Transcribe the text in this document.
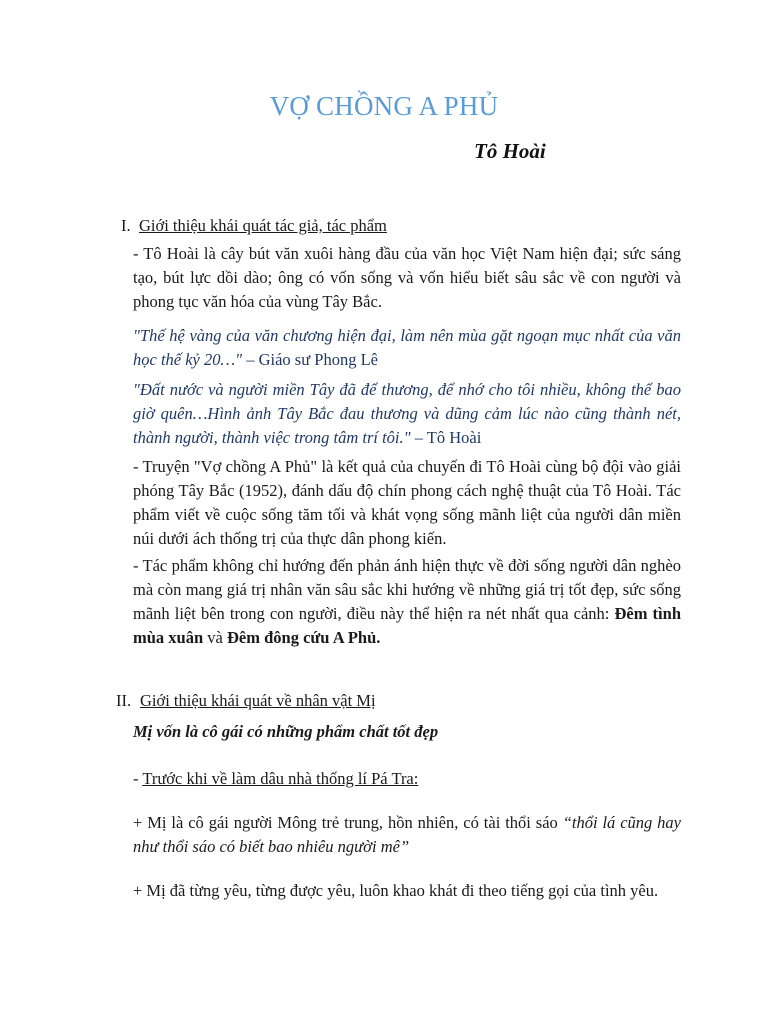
VỢ CHỒNG A PHỦ
Tô Hoài
I. Giới thiệu khái quát tác giả, tác phẩm
- Tô Hoài là cây bút văn xuôi hàng đầu của văn học Việt Nam hiện đại; sức sáng tạo, bút lực dồi dào; ông có vốn sống và vốn hiểu biết sâu sắc về con người và phong tục văn hóa của vùng Tây Bắc.
"Thế hệ vàng của văn chương hiện đại, làm nên mùa gặt ngoạn mục nhất của văn học thế kỷ 20…" – Giáo sư Phong Lê
"Đất nước và người miền Tây đã để thương, để nhớ cho tôi nhiều, không thể bao giờ quên…Hình ảnh Tây Bắc đau thương và dũng cảm lúc nào cũng thành nét, thành người, thành việc trong tâm trí tôi." – Tô Hoài
- Truyện "Vợ chồng A Phủ" là kết quả của chuyến đi Tô Hoài cùng bộ đội vào giải phóng Tây Bắc (1952), đánh dấu độ chín phong cách nghệ thuật của Tô Hoài. Tác phẩm viết về cuộc sống tăm tối và khát vọng sống mãnh liệt của người dân miền núi dưới ách thống trị của thực dân phong kiến.
- Tác phẩm không chỉ hướng đến phản ánh hiện thực về đời sống người dân nghèo mà còn mang giá trị nhân văn sâu sắc khi hướng về những giá trị tốt đẹp, sức sống mãnh liệt bên trong con người, điều này thể hiện ra nét nhất qua cảnh: Đêm tình mùa xuân và Đêm đông cứu A Phủ.
II. Giới thiệu khái quát về nhân vật Mị
Mị vốn là cô gái có những phẩm chất tốt đẹp
- Trước khi về làm dâu nhà thống lí Pá Tra:
+ Mị là cô gái người Mông trẻ trung, hồn nhiên, có tài thổi sáo “thổi lá cũng hay như thổi sáo có biết bao nhiêu người mê”
+ Mị đã từng yêu, từng được yêu, luôn khao khát đi theo tiếng gọi của tình yêu.
